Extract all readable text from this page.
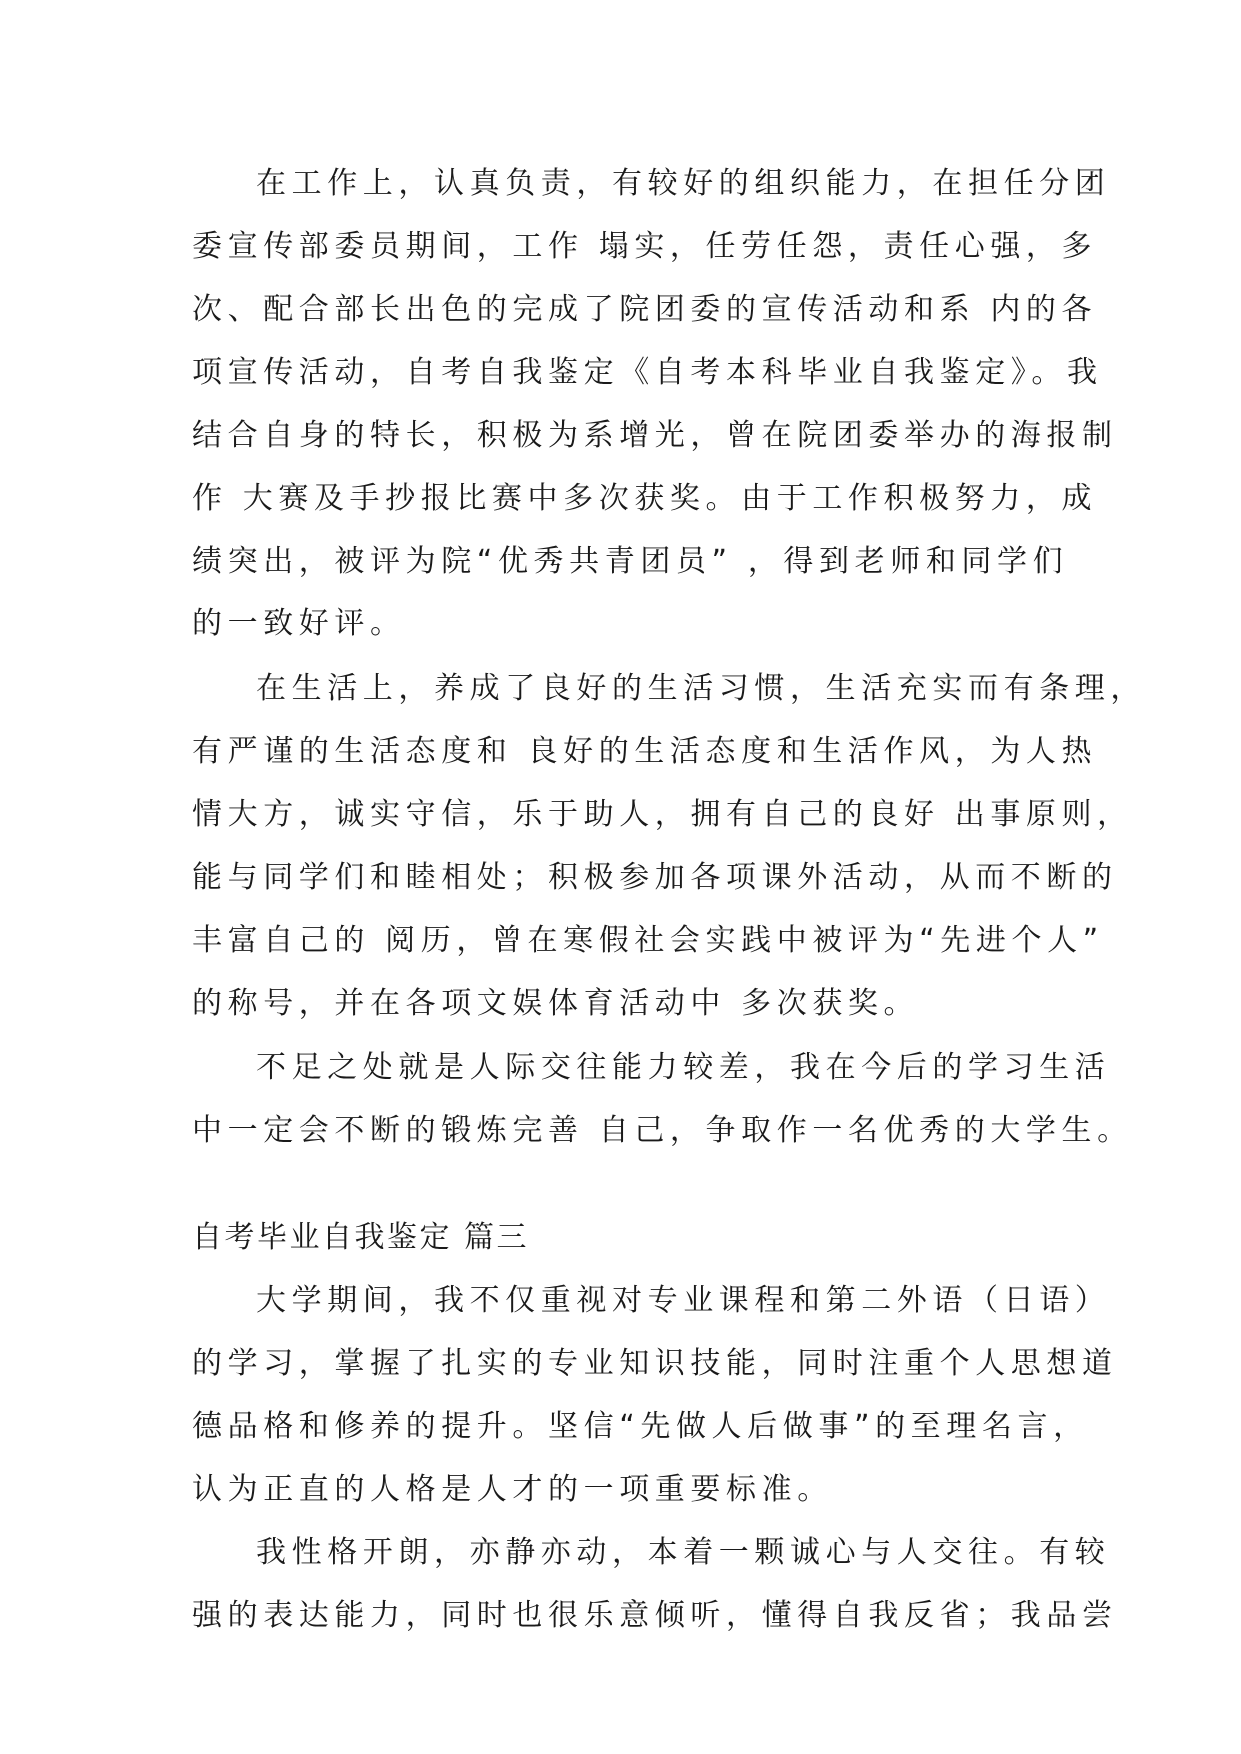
在工作上，认真负责，有较好的组织能力，在担任分团
委宣传部委员期间，工作 塌实，任劳任怨，责任心强，多
次、配合部长出色的完成了院团委的宣传活动和系 内的各
项宣传活动，自考自我鉴定《自考本科毕业自我鉴定》。我
结合自身的特长，积极为系增光，曾在院团委举办的海报制
作 大赛及手抄报比赛中多次获奖。由于工作积极努力，成
绩突出，被评为院“优秀共青团员” ，得到老师和同学们
的一致好评。
在生活上，养成了良好的生活习惯，生活充实而有条理，
有严谨的生活态度和 良好的生活态度和生活作风，为人热
情大方，诚实守信，乐于助人，拥有自己的良好 出事原则，
能与同学们和睦相处；积极参加各项课外活动，从而不断的
丰富自己的 阅历，曾在寒假社会实践中被评为“先进个人”
的称号，并在各项文娱体育活动中 多次获奖。
不足之处就是人际交往能力较差，我在今后的学习生活
中一定会不断的锻炼完善 自己，争取作一名优秀的大学生。
自考毕业自我鉴定 篇三
大学期间，我不仅重视对专业课程和第二外语（日语）
的学习，掌握了扎实的专业知识技能，同时注重个人思想道
德品格和修养的提升。坚信“先做人后做事”的至理名言，
认为正直的人格是人才的一项重要标准。
我性格开朗，亦静亦动，本着一颗诚心与人交往。有较
强的表达能力，同时也很乐意倾听，懂得自我反省；我品尝
